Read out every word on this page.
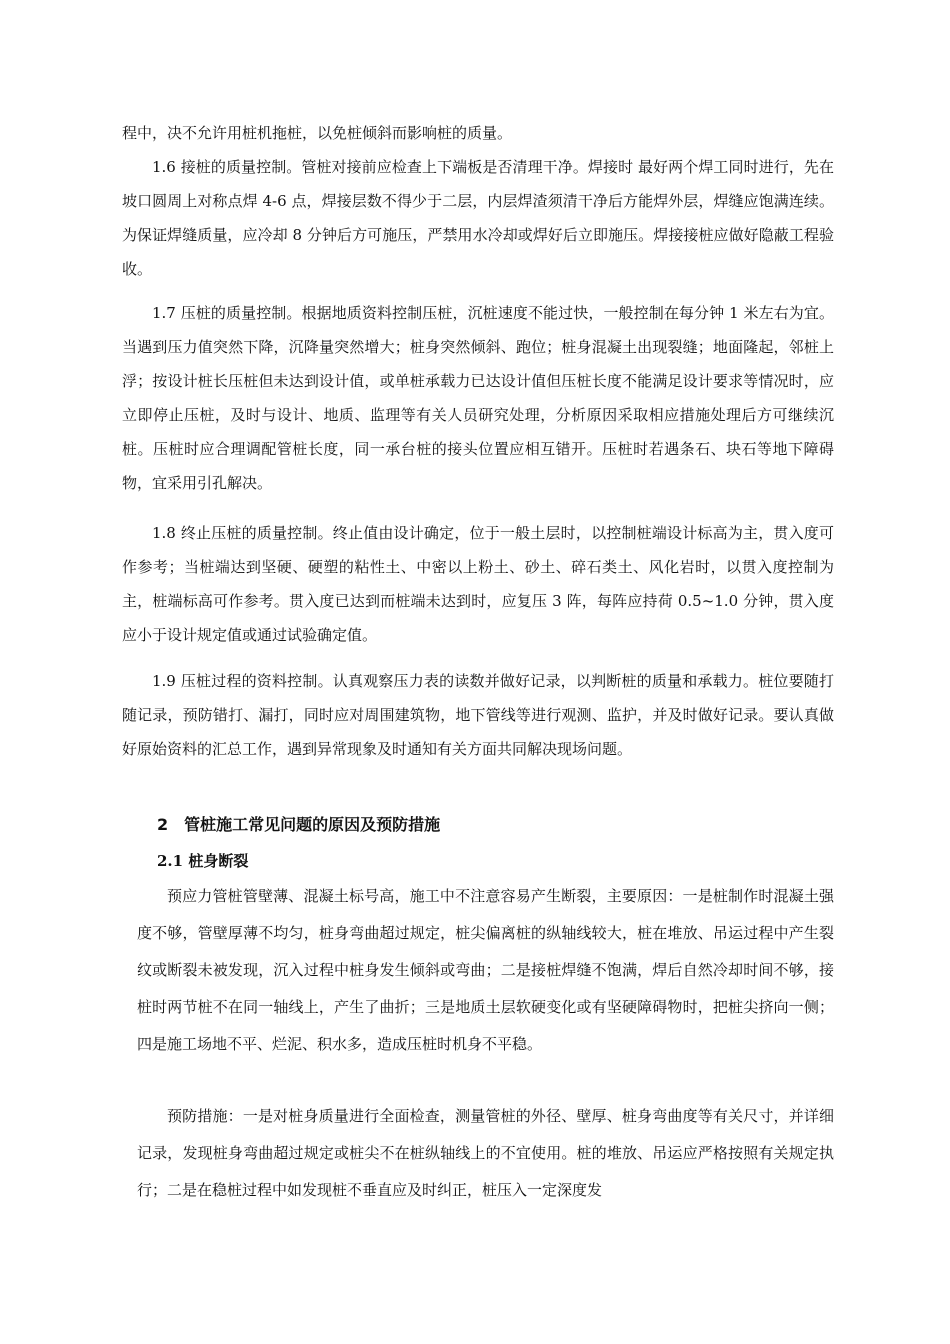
程中，决不允许用桩机拖桩，以免桩倾斜而影响桩的质量。

1.6 接桩的质量控制。管桩对接前应检查上下端板是否清理干净。焊接时 最好两个焊工同时进行，先在坡口圆周上对称点焊 4-6 点，焊接层数不得少于二层，内层焊渣须清干净后方能焊外层，焊缝应饱满连续。为保证焊缝质量，应冷却 8 分钟后方可施压，严禁用水冷却或焊好后立即施压。焊接接桩应做好隐蔽工程验收。

1.7 压桩的质量控制。根据地质资料控制压桩，沉桩速度不能过快，一般控制在每分钟 1 米左右为宜。当遇到压力值突然下降，沉降量突然增大；桩身突然倾斜、跑位；桩身混凝土出现裂缝；地面隆起，邻桩上浮；按设计桩长压桩但未达到设计值，或单桩承载力已达设计值但压桩长度不能满足设计要求等情况时，应立即停止压桩，及时与设计、地质、监理等有关人员研究处理，分析原因采取相应措施处理后方可继续沉桩。压桩时应合理调配管桩长度，同一承台桩的接头位置应相互错开。压桩时若遇条石、块石等地下障碍物，宜采用引孔解决。

1.8 终止压桩的质量控制。终止值由设计确定，位于一般土层时，以控制桩端设计标高为主，贯入度可作参考；当桩端达到坚硬、硬塑的粘性土、中密以上粉土、砂土、碎石类土、风化岩时，以贯入度控制为主，桩端标高可作参考。贯入度已达到而桩端未达到时，应复压 3 阵，每阵应持荷 0.5~1.0 分钟，贯入度应小于设计规定值或通过试验确定值。

1.9 压桩过程的资料控制。认真观察压力表的读数并做好记录，以判断桩的质量和承载力。桩位要随打随记录，预防错打、漏打，同时应对周围建筑物，地下管线等进行观测、监护，并及时做好记录。要认真做好原始资料的汇总工作，遇到异常现象及时通知有关方面共同解决现场问题。

2　管桩施工常见问题的原因及预防措施
2.1 桩身断裂

预应力管桩管壁薄、混凝土标号高，施工中不注意容易产生断裂，主要原因：一是桩制作时混凝土强度不够，管壁厚薄不均匀，桩身弯曲超过规定，桩尖偏离桩的纵轴线较大，桩在堆放、吊运过程中产生裂纹或断裂未被发现，沉入过程中桩身发生倾斜或弯曲；二是接桩焊缝不饱满，焊后自然冷却时间不够，接桩时两节桩不在同一轴线上，产生了曲折；三是地质土层软硬变化或有坚硬障碍物时，把桩尖挤向一侧；四是施工场地不平、烂泥、积水多，造成压桩时机身不平稳。

预防措施：一是对桩身质量进行全面检查，测量管桩的外径、壁厚、桩身弯曲度等有关尺寸，并详细记录，发现桩身弯曲超过规定或桩尖不在桩纵轴线上的不宜使用。桩的堆放、吊运应严格按照有关规定执行；二是在稳桩过程中如发现桩不垂直应及时纠正，桩压入一定深度发
